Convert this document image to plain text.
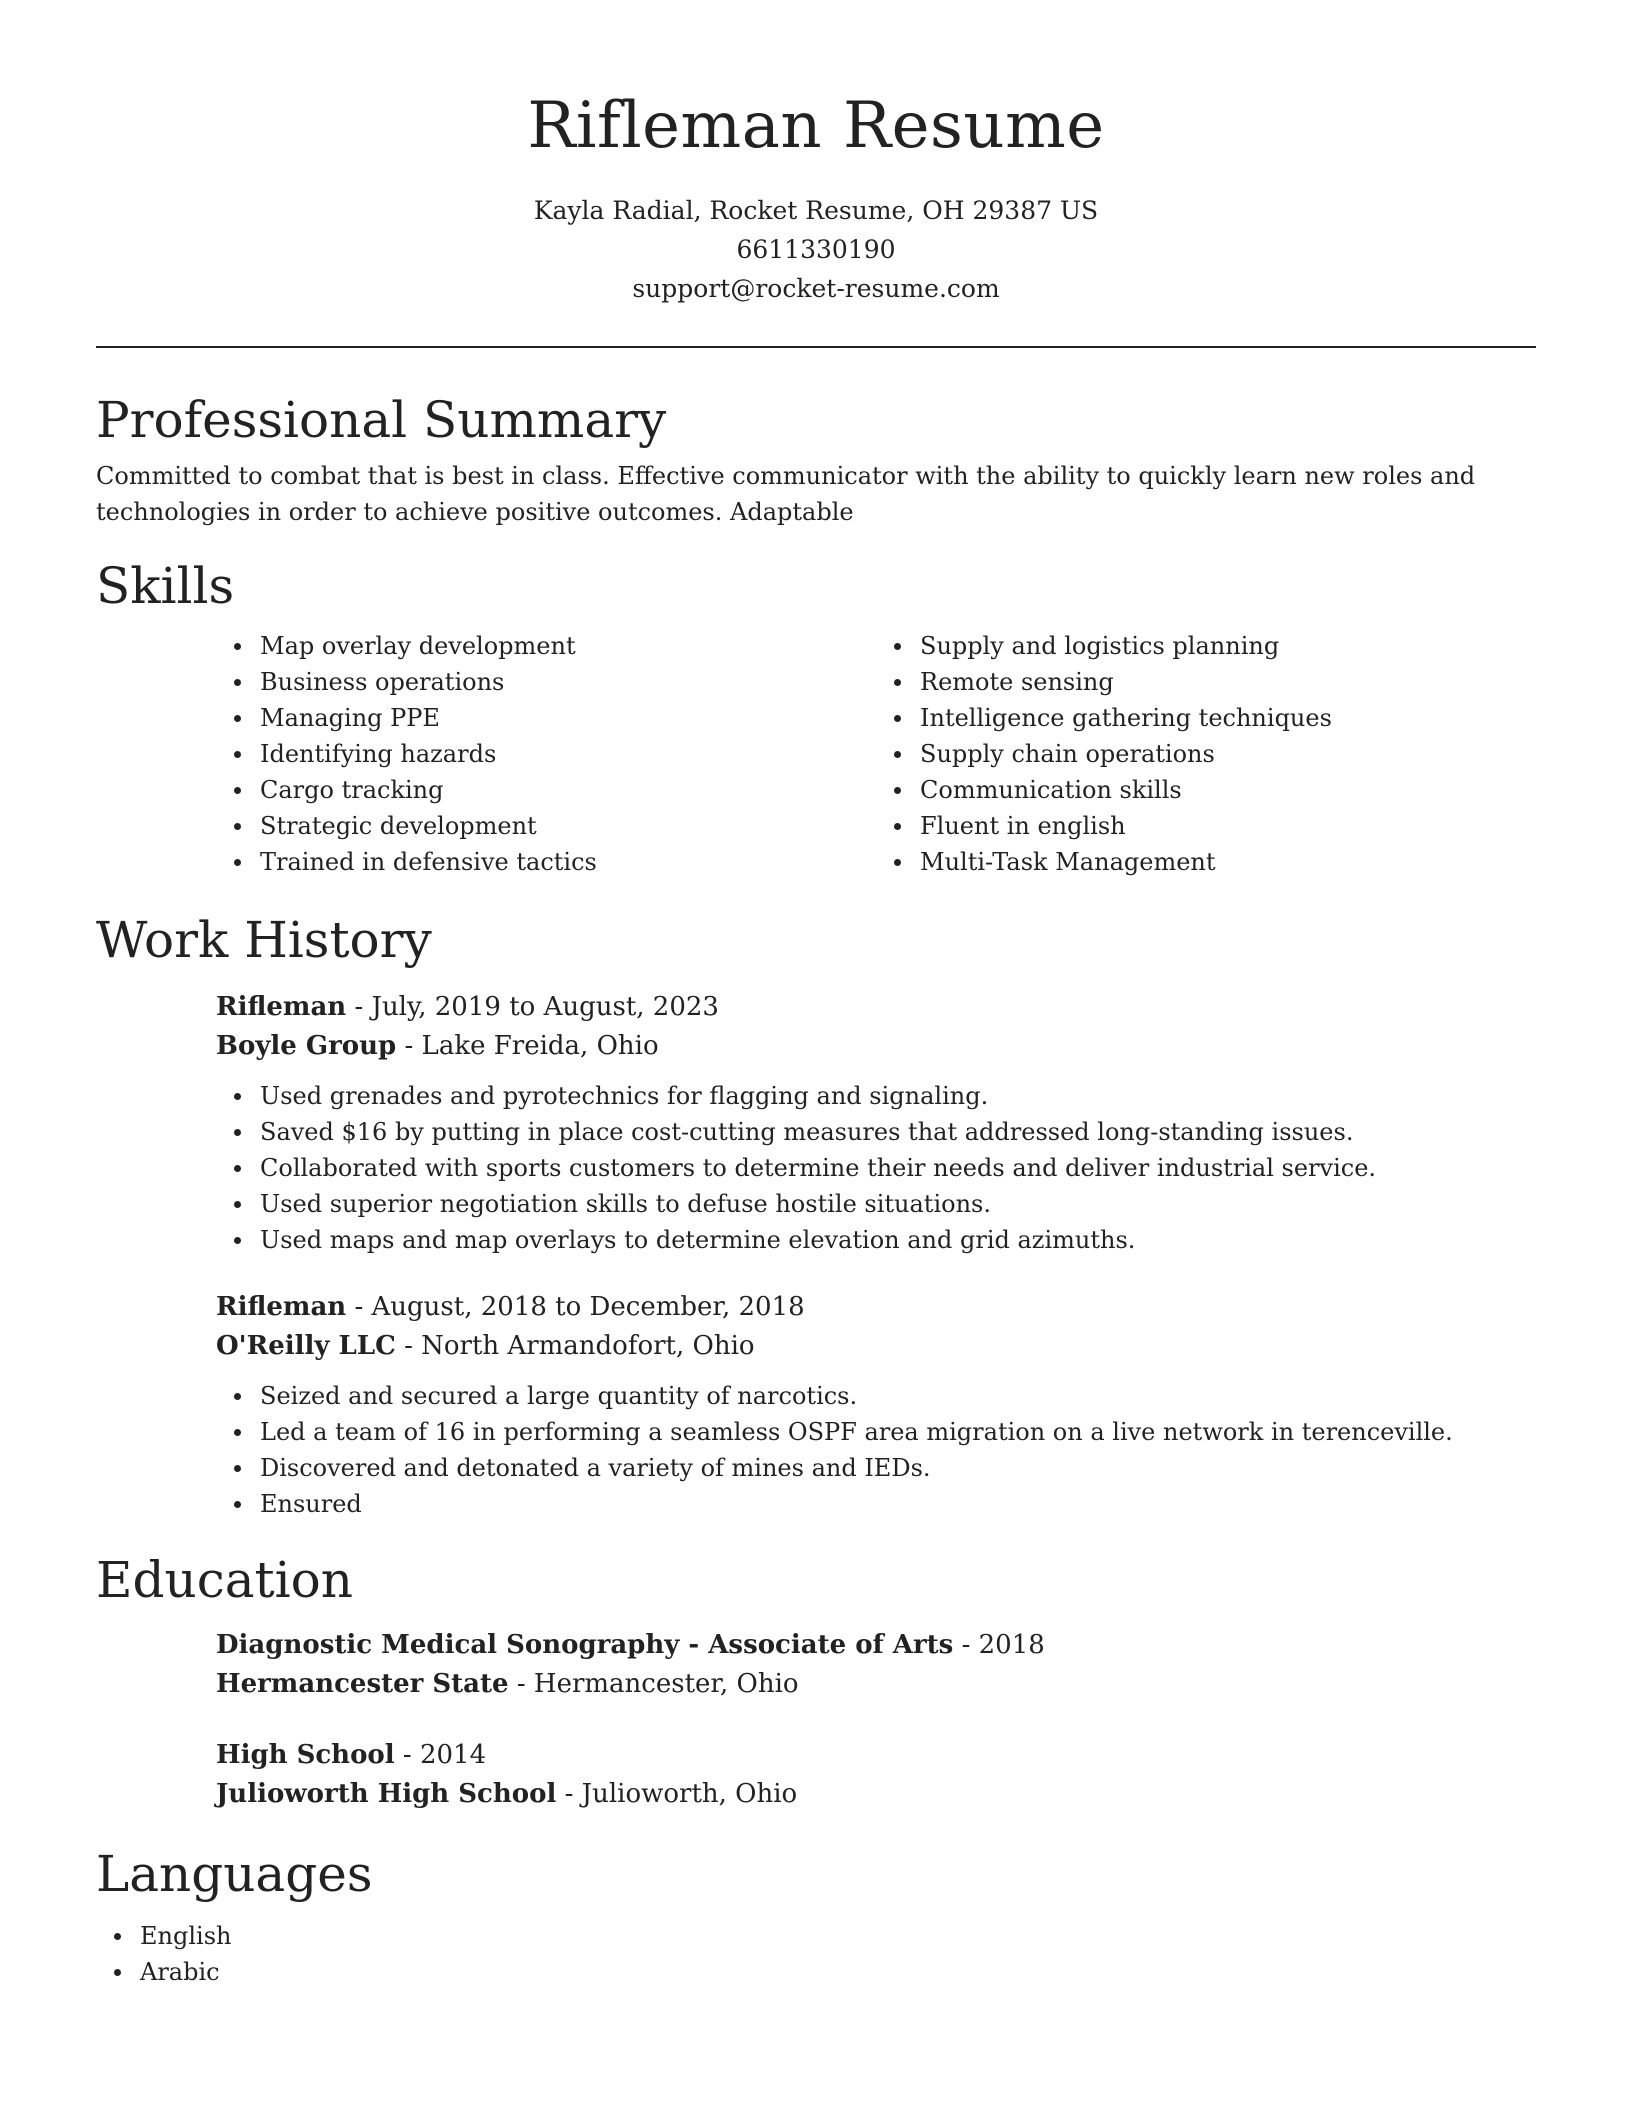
Rifleman Resume

Kayla Radial, Rocket Resume, OH 29387 US

6611330190

support@rocket-resume.com

Professional Summary

Committed to combat that is best in class. Effective communicator with the ability to quickly learn new roles and technologies in order to achieve positive outcomes. Adaptable

Skills
Map overlay development
Business operations
Managing PPE
Identifying hazards
Cargo tracking
Strategic development
Trained in defensive tactics
Supply and logistics planning
Remote sensing
Intelligence gathering techniques
Supply chain operations
Communication skills
Fluent in english
Multi-Task Management
Work History

Rifleman - July, 2019 to August, 2023

Boyle Group - Lake Freida, Ohio

Used grenades and pyrotechnics for flagging and signaling.
Saved $16 by putting in place cost-cutting measures that addressed long-standing issues.
Collaborated with sports customers to determine their needs and deliver industrial service.
Used superior negotiation skills to defuse hostile situations.
Used maps and map overlays to determine elevation and grid azimuths.

Rifleman - August, 2018 to December, 2018

O'Reilly LLC - North Armandofort, Ohio

Seized and secured a large quantity of narcotics.
Led a team of 16 in performing a seamless OSPF area migration on a live network in terenceville.
Discovered and detonated a variety of mines and IEDs.
Ensured
Education

Diagnostic Medical Sonography - Associate of Arts - 2018

Hermancester State - Hermancester, Ohio

High School - 2014

Julioworth High School - Julioworth, Ohio

Languages
English
Arabic
